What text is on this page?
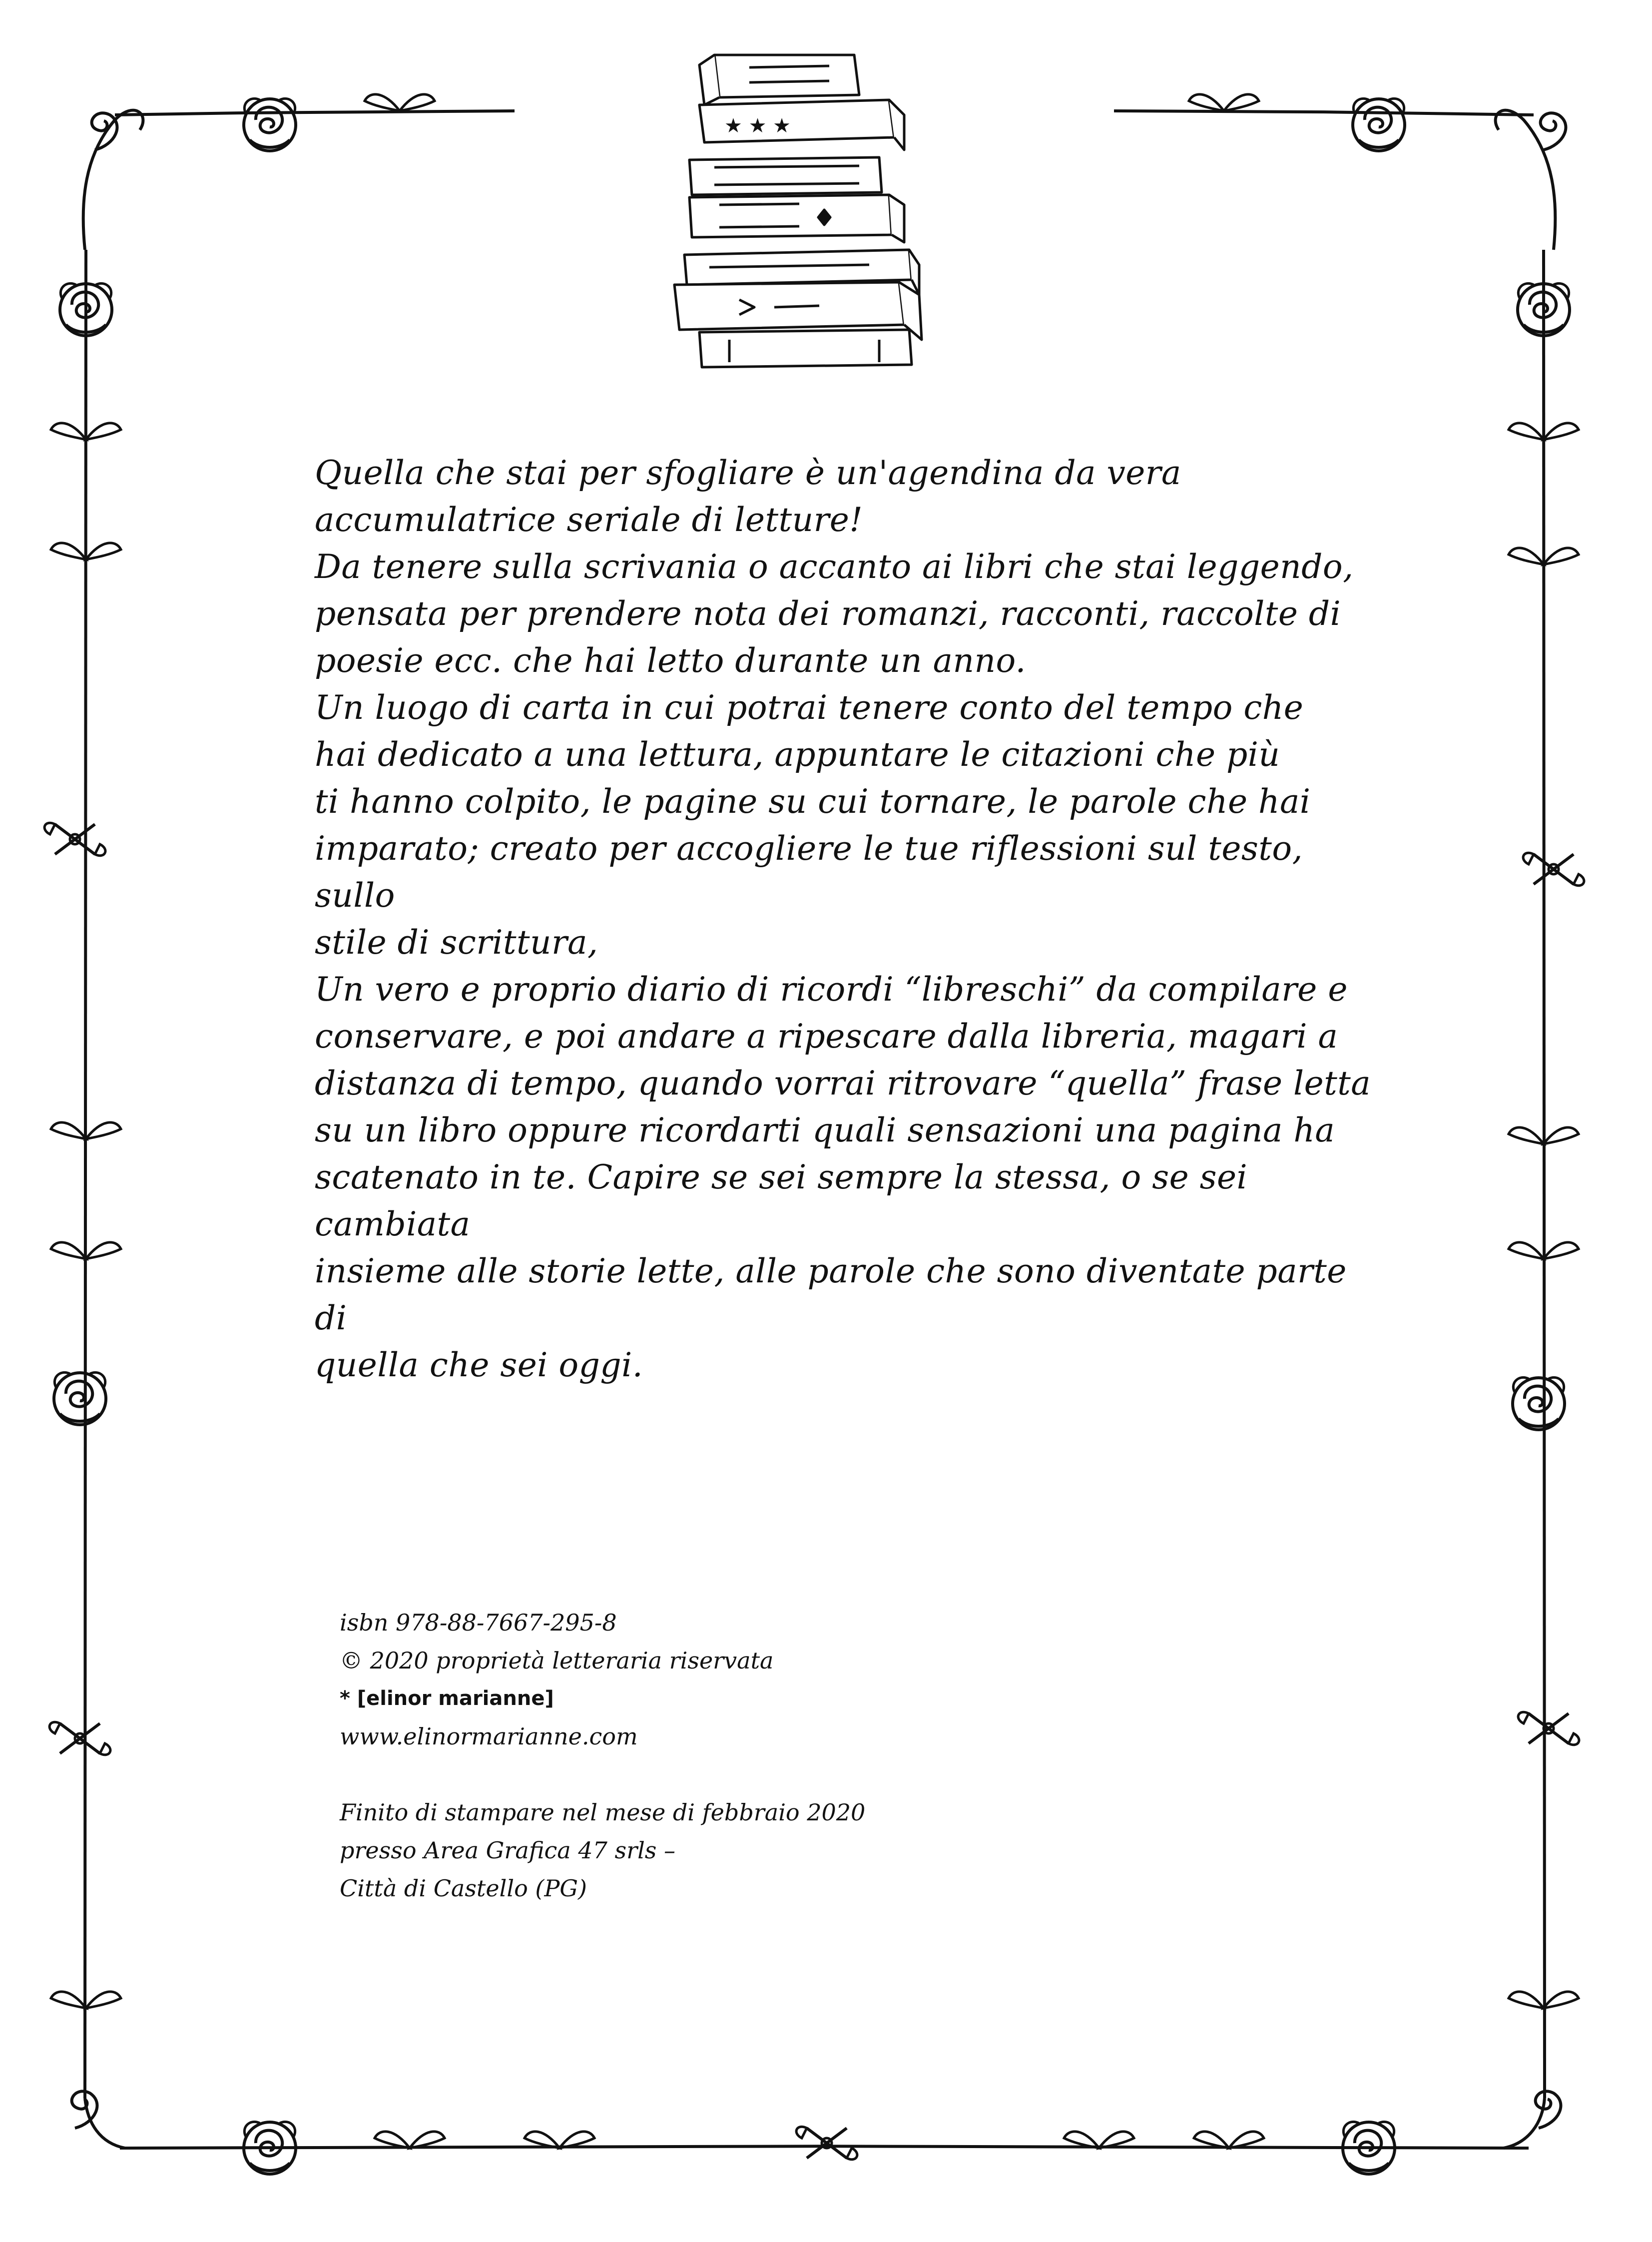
★ ★ ★

Quella che stai per sfogliare è un'agendina da vera
accumulatrice seriale di letture!

Da tenere sulla scrivania o accanto ai libri che stai leggendo,
pensata per prendere nota dei romanzi, racconti, raccolte di
poesie ecc. che hai letto durante un anno.

Un luogo di carta in cui potrai tenere conto del tempo che
hai dedicato a una lettura, appuntare le citazioni che più
ti hanno colpito, le pagine su cui tornare, le parole che hai
imparato; creato per accogliere le tue riflessioni sul testo, sullo
stile di scrittura,

Un vero e proprio diario di ricordi “libreschi” da compilare e
conservare, e poi andare a ripescare dalla libreria, magari a
distanza di tempo, quando vorrai ritrovare “quella” frase letta
su un libro oppure ricordarti quali sensazioni una pagina ha
scatenato in te. Capire se sei sempre la stessa, o se sei cambiata
insieme alle storie lette, alle parole che sono diventate parte di
quella che sei oggi.

isbn 978-88-7667-295-8
© 2020 proprietà letteraria riservata
* [elinor marianne]
www.elinormarianne.com
Finito di stampare nel mese di febbraio 2020
presso Area Grafica 47 srls –
Città di Castello (PG)
